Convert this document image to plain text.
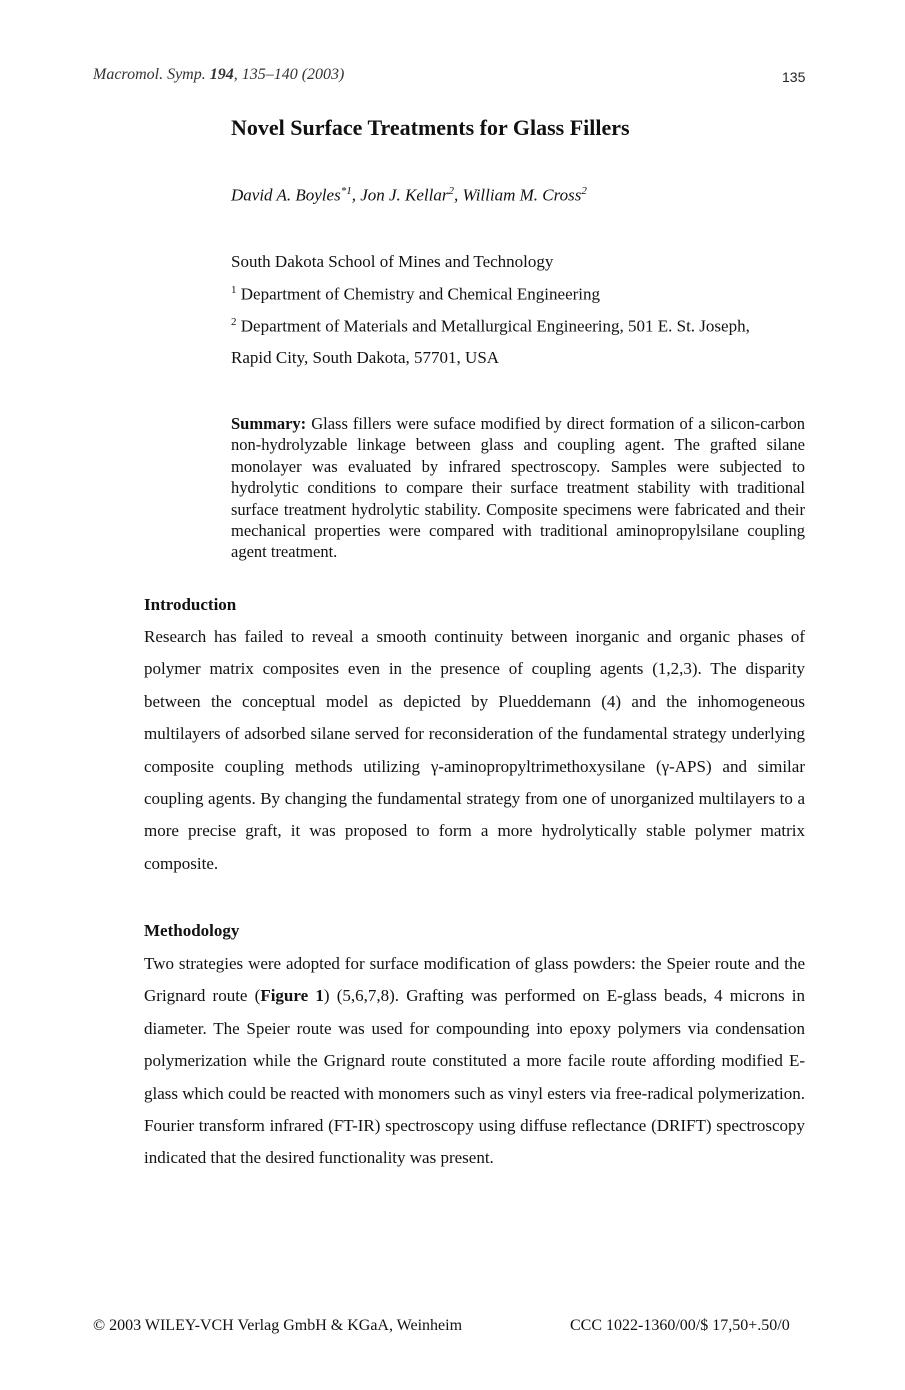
Macromol. Symp. 194, 135–140 (2003)	135
Novel Surface Treatments for Glass Fillers
David A. Boyles$^{*1}$, Jon J. Kellar$^2$, William M. Cross$^2$
South Dakota School of Mines and Technology
$^1$ Department of Chemistry and Chemical Engineering
$^2$ Department of Materials and Metallurgical Engineering, 501 E. St. Joseph,
Rapid City, South Dakota, 57701, USA
Summary: Glass fillers were suface modified by direct formation of a silicon-carbon non-hydrolyzable linkage between glass and coupling agent. The grafted silane monolayer was evaluated by infrared spectroscopy. Samples were subjected to hydrolytic conditions to compare their surface treatment stability with traditional surface treatment hydrolytic stability. Composite specimens were fabricated and their mechanical properties were compared with traditional aminopropylsilane coupling agent treatment.
Introduction
Research has failed to reveal a smooth continuity between inorganic and organic phases of polymer matrix composites even in the presence of coupling agents (1,2,3). The disparity between the conceptual model as depicted by Plueddemann (4) and the inhomogeneous multilayers of adsorbed silane served for reconsideration of the fundamental strategy underlying composite coupling methods utilizing γ-aminopropyltrimethoxysilane (γ-APS) and similar coupling agents. By changing the fundamental strategy from one of unorganized multilayers to a more precise graft, it was proposed to form a more hydrolytically stable polymer matrix composite.
Methodology
Two strategies were adopted for surface modification of glass powders: the Speier route and the Grignard route (Figure 1) (5,6,7,8). Grafting was performed on E-glass beads, 4 microns in diameter. The Speier route was used for compounding into epoxy polymers via condensation polymerization while the Grignard route constituted a more facile route affording modified E-glass which could be reacted with monomers such as vinyl esters via free-radical polymerization. Fourier transform infrared (FT-IR) spectroscopy using diffuse reflectance (DRIFT) spectroscopy indicated that the desired functionality was present.
© 2003 WILEY-VCH Verlag GmbH & KGaA, Weinheim	CCC 1022-1360/00/$ 17,50+.50/0
